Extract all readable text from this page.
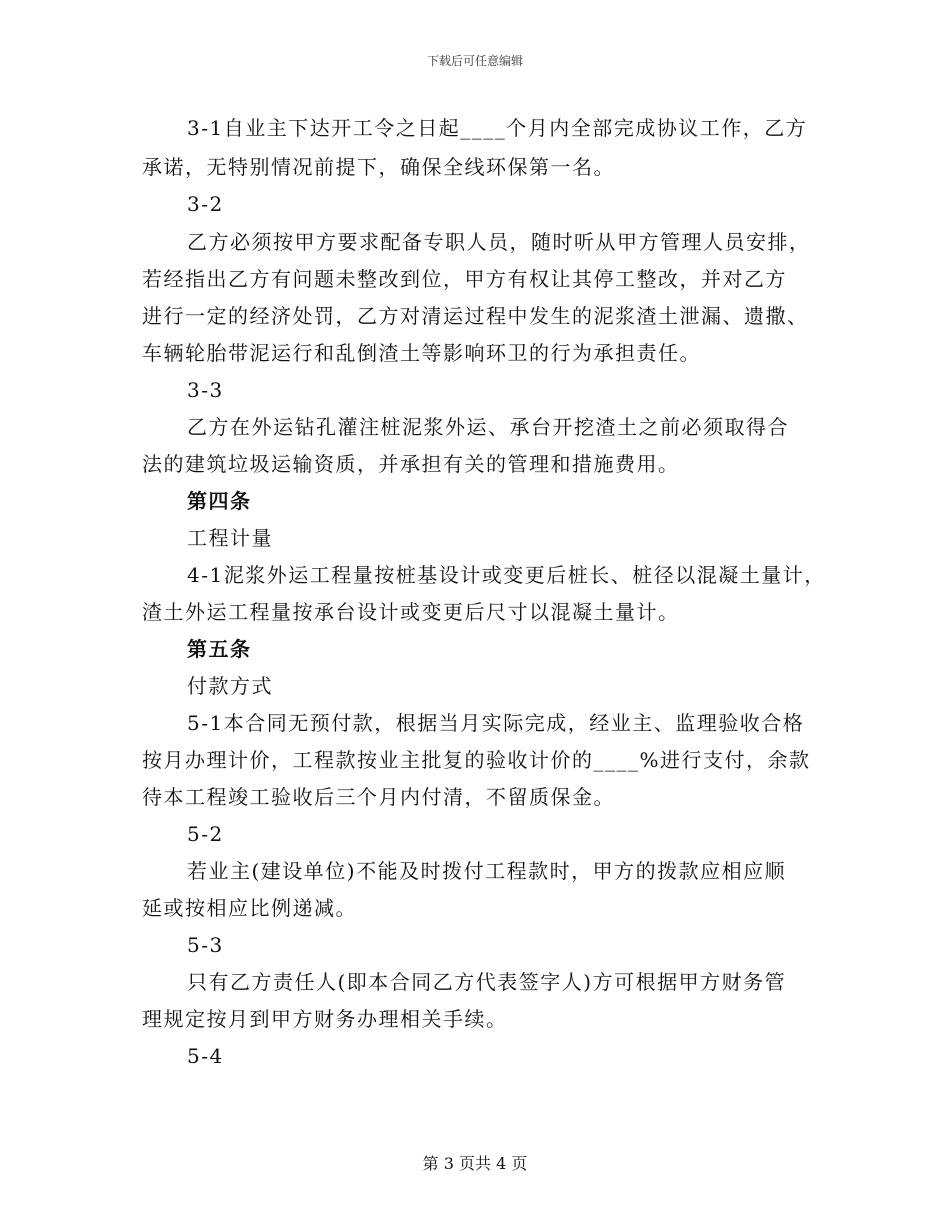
下载后可任意编辑
3-1自业主下达开工令之日起____个月内全部完成协议工作，乙方
承诺，无特别情况前提下，确保全线环保第一名。
3-2
乙方必须按甲方要求配备专职人员，随时听从甲方管理人员安排，
若经指出乙方有问题未整改到位，甲方有权让其停工整改，并对乙方
进行一定的经济处罚，乙方对清运过程中发生的泥浆渣土泄漏、遗撒、
车辆轮胎带泥运行和乱倒渣土等影响环卫的行为承担责任。
3-3
乙方在外运钻孔灌注桩泥浆外运、承台开挖渣土之前必须取得合
法的建筑垃圾运输资质，并承担有关的管理和措施费用。
第四条
工程计量
4-1泥浆外运工程量按桩基设计或变更后桩长、桩径以混凝土量计，
渣土外运工程量按承台设计或变更后尺寸以混凝土量计。
第五条
付款方式
5-1本合同无预付款，根据当月实际完成，经业主、监理验收合格
按月办理计价，工程款按业主批复的验收计价的____%进行支付，余款
待本工程竣工验收后三个月内付清，不留质保金。
5-2
若业主(建设单位)不能及时拨付工程款时，甲方的拨款应相应顺
延或按相应比例递减。
5-3
只有乙方责任人(即本合同乙方代表签字人)方可根据甲方财务管
理规定按月到甲方财务办理相关手续。
5-4
第 3 页共 4 页
